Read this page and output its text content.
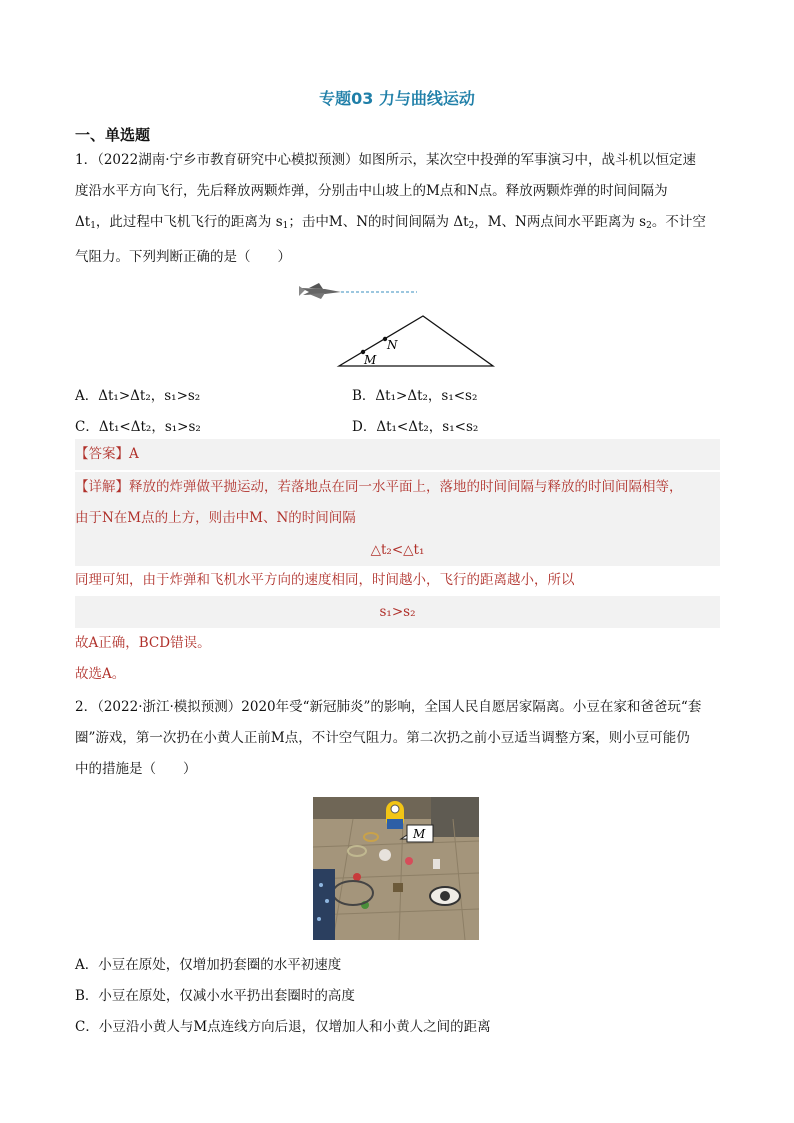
专题03 力与曲线运动
一、单选题
1．（2022湖南·宁乡市教育研究中心模拟预测）如图所示，某次空中投弹的军事演习中，战斗机以恒定速
度沿水平方向飞行，先后释放两颗炸弹，分别击中山坡上的M点和N点。释放两颗炸弹的时间间隔为
$\Delta t_1$，此过程中飞机飞行的距离为 $s_1$；击中M、N的时间间隔为 $\Delta t_2$，M、N两点间水平距离为 $s_2$。不计空
气阻力。下列判断正确的是（　　）
M
N
A．Δt₁>Δt₂，s₁>s₂	B．Δt₁>Δt₂，s₁<s₂
C．Δt₁<Δt₂，s₁>s₂	D．Δt₁<Δt₂，s₁<s₂
【答案】A
【详解】释放的炸弹做平抛运动，若落地点在同一水平面上，落地的时间间隔与释放的时间间隔相等，
由于N在M点的上方，则击中M、N的时间间隔
△t₂<△t₁
同理可知，由于炸弹和飞机水平方向的速度相同，时间越小，飞行的距离越小，所以
s₁>s₂
故A正确，BCD错误。
故选A。
2．（2022·浙江·模拟预测）2020年受“新冠肺炎”的影响，全国人民自愿居家隔离。小豆在家和爸爸玩“套
圈”游戏，第一次扔在小黄人正前M点，不计空气阻力。第二次扔之前小豆适当调整方案，则小豆可能仍
中的措施是（　　）
M
A．小豆在原处，仅增加扔套圈的水平初速度
B．小豆在原处，仅减小水平扔出套圈时的高度
C．小豆沿小黄人与M点连线方向后退，仅增加人和小黄人之间的距离
